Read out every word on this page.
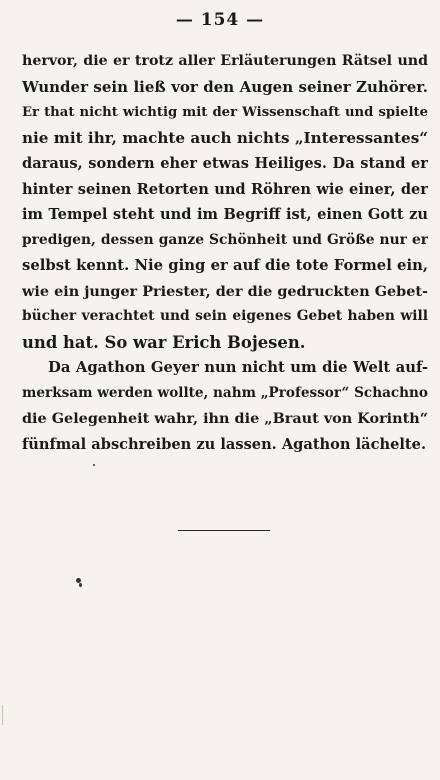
— 154 —
hervor, die er trotz aller Erläuterungen Rätsel und
Wunder sein ließ vor den Augen seiner Zuhörer.
Er that nicht wichtig mit der Wissenschaft und spielte
nie mit ihr, machte auch nichts „Interessantes“
daraus, sondern eher etwas Heiliges. Da stand er
hinter seinen Retorten und Röhren wie einer, der
im Tempel steht und im Begriff ist, einen Gott zu
predigen, dessen ganze Schönheit und Größe nur er
selbst kennt. Nie ging er auf die tote Formel ein,
wie ein junger Priester, der die gedruckten Gebet-
bücher verachtet und sein eigenes Gebet haben will
und hat. So war Erich Bojesen.
Da Agathon Geyer nun nicht um die Welt auf-
merksam werden wollte, nahm „Professor“ Schachno
die Gelegenheit wahr, ihn die „Braut von Korinth“
fünfmal abschreiben zu lassen. Agathon lächelte.
